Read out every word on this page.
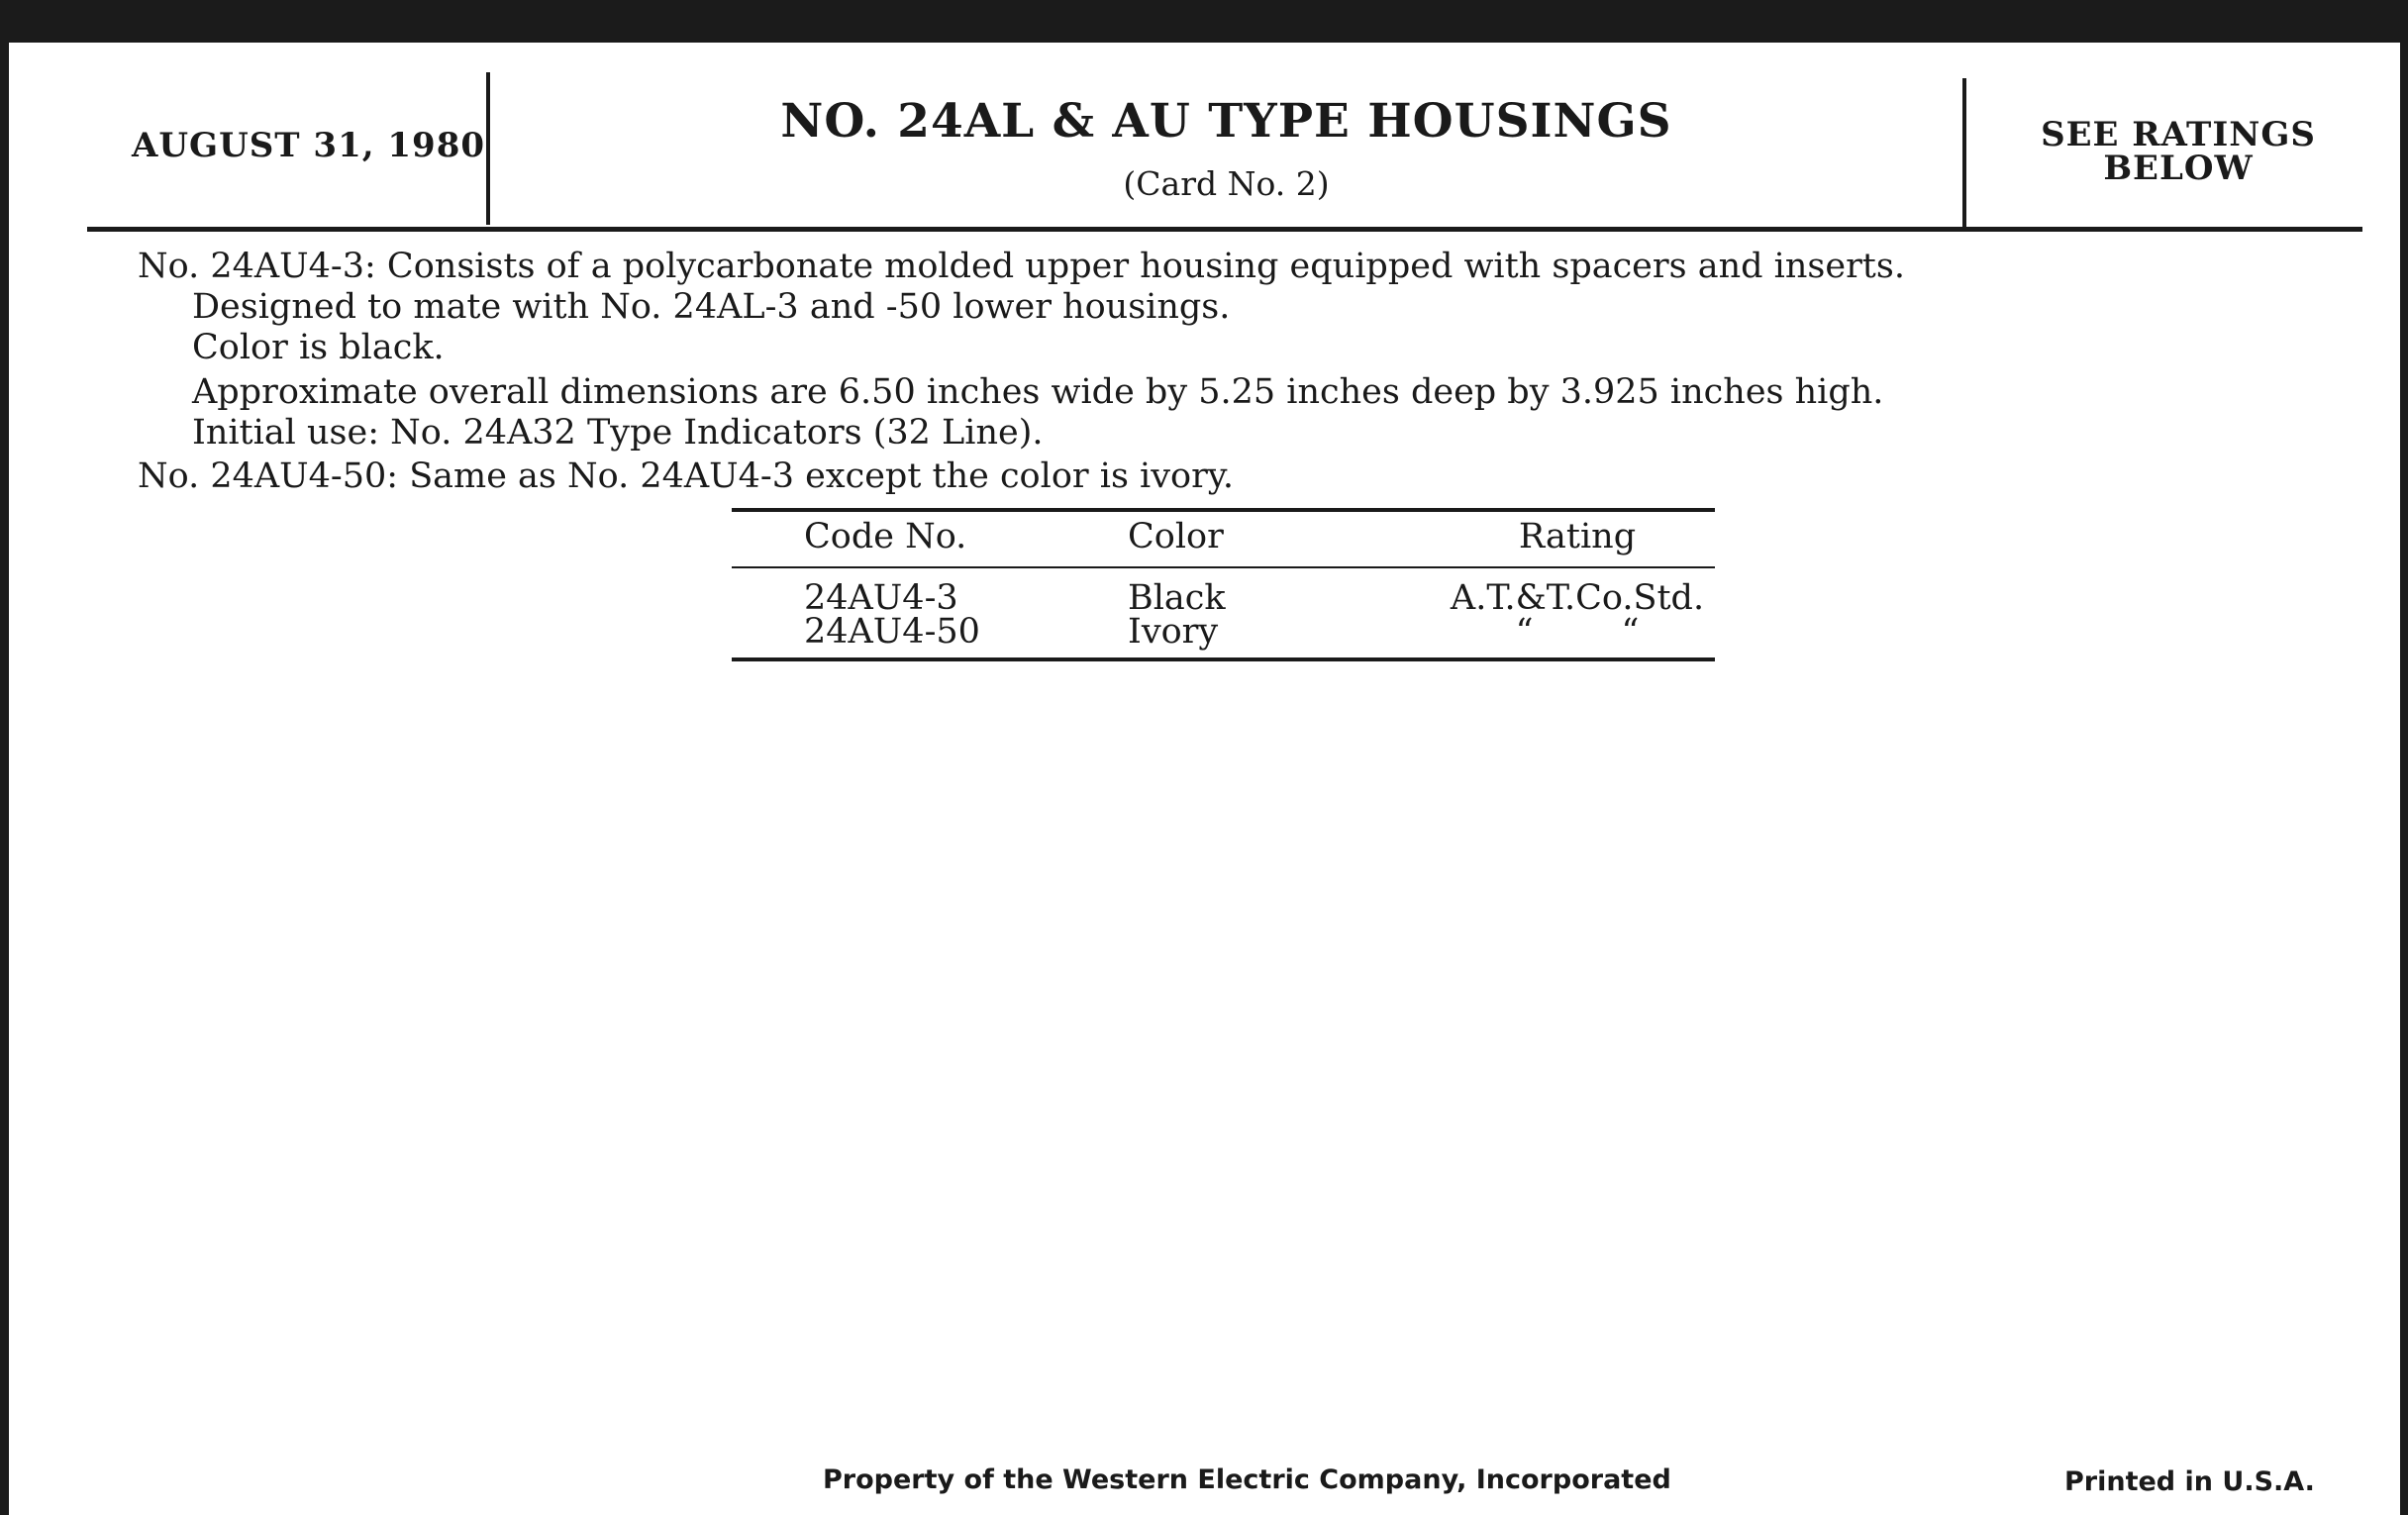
AUGUST 31, 1980	NO. 24AL & AU TYPE HOUSINGS
(Card No. 2)
SEE RATINGS
BELOW
No. 24AU4-3: Consists of a polycarbonate molded upper housing equipped with spacers and inserts.
Designed to mate with No. 24AL-3 and -50 lower housings.
Color is black.
Approximate overall dimensions are 6.50 inches wide by 5.25 inches deep by 3.925 inches high.
Initial use: No. 24A32 Type Indicators (32 Line).
No. 24AU4-50: Same as No. 24AU4-3 except the color is ivory.
Code No.	Color	Rating
24AU4-3	Black	A.T.&T.Co.Std.
24AU4-50	Ivory	“        “
Property of the Western Electric Company, Incorporated	Printed in U.S.A.
